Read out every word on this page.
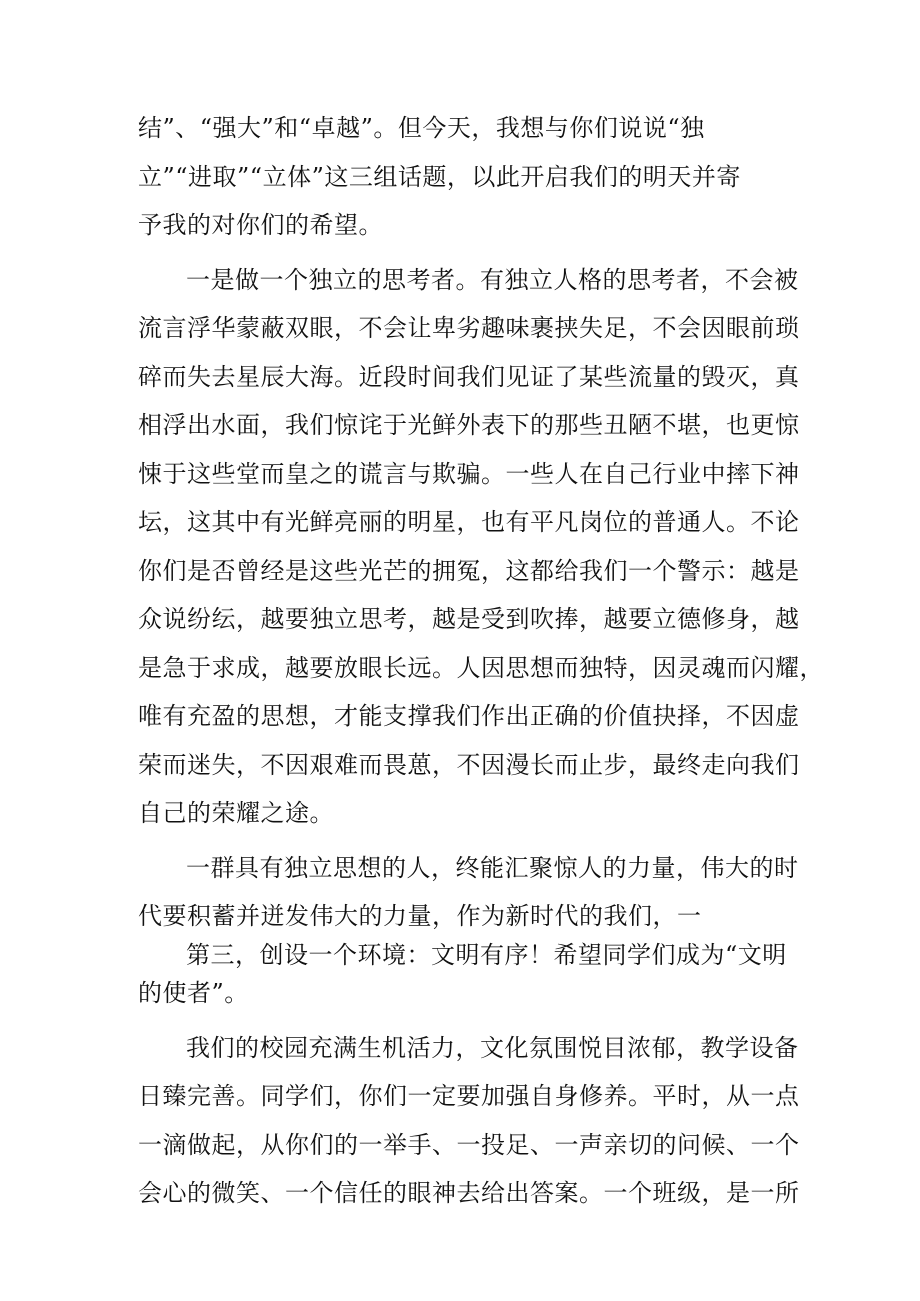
结”、“强大”和“卓越”。但今天，我想与你们说说“独
立”“进取”“立体”这三组话题，以此开启我们的明天并寄
予我的对你们的希望。
一是做一个独立的思考者。有独立人格的思考者，不会被
流言浮华蒙蔽双眼，不会让卑劣趣味裹挟失足，不会因眼前琐
碎而失去星辰大海。近段时间我们见证了某些流量的毁灭，真
相浮出水面，我们惊诧于光鲜外表下的那些丑陋不堪，也更惊
悚于这些堂而皇之的谎言与欺骗。一些人在自己行业中摔下神
坛，这其中有光鲜亮丽的明星，也有平凡岗位的普通人。不论
你们是否曾经是这些光芒的拥冤，这都给我们一个警示：越是
众说纷纭，越要独立思考，越是受到吹捧，越要立德修身，越
是急于求成，越要放眼长远。人因思想而独特，因灵魂而闪耀，
唯有充盈的思想，才能支撑我们作出正确的价值抉择，不因虚
荣而迷失，不因艰难而畏葸，不因漫长而止步，最终走向我们
自己的荣耀之途。
一群具有独立思想的人，终能汇聚惊人的力量，伟大的时
代要积蓄并迸发伟大的力量，作为新时代的我们，一
第三，创设一个环境：文明有序！希望同学们成为“文明
的使者”。
我们的校园充满生机活力，文化氛围悦目浓郁，教学设备
日臻完善。同学们，你们一定要加强自身修养。平时，从一点
一滴做起，从你们的一举手、一投足、一声亲切的问候、一个
会心的微笑、一个信任的眼神去给出答案。一个班级，是一所
